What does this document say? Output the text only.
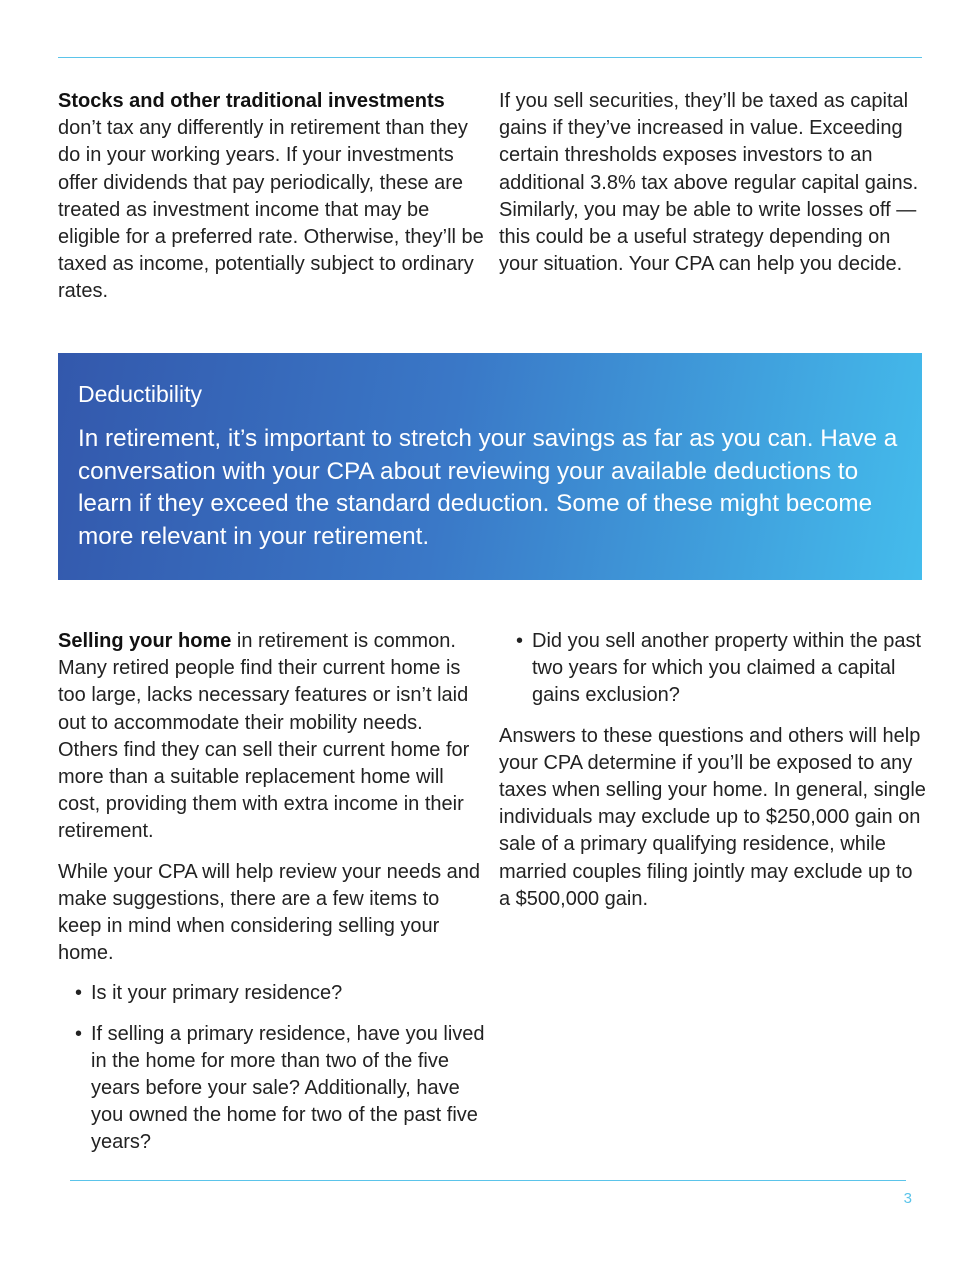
Stocks and other traditional investments don’t tax any differently in retirement than they do in your working years. If your investments offer dividends that pay periodically, these are treated as investment income that may be eligible for a preferred rate. Otherwise, they’ll be taxed as income, potentially subject to ordinary rates.

If you sell securities, they’ll be taxed as capital gains if they’ve increased in value. Exceeding certain thresholds exposes investors to an additional 3.8% tax above regular capital gains. Similarly, you may be able to write losses off — this could be a useful strategy depending on your situation. Your CPA can help you decide.

Deductibility

In retirement, it’s important to stretch your savings as far as you can. Have a conversation with your CPA about reviewing your available deductions to learn if they exceed the standard deduction. Some of these might become more relevant in your retirement.

Selling your home in retirement is common. Many retired people find their current home is too large, lacks necessary features or isn’t laid out to accommodate their mobility needs. Others find they can sell their current home for more than a suitable replacement home will cost, providing them with extra income in their retirement.

While your CPA will help review your needs and make suggestions, there are a few items to keep in mind when considering selling your home.

• Is it your primary residence?
• If selling a primary residence, have you lived in the home for more than two of the five years before your sale? Additionally, have you owned the home for two of the past five years?
• Did you sell another property within the past two years for which you claimed a capital gains exclusion?

Answers to these questions and others will help your CPA determine if you’ll be exposed to any taxes when selling your home. In general, single individuals may exclude up to $250,000 gain on sale of a primary qualifying residence, while married couples filing jointly may exclude up to a $500,000 gain.

3
